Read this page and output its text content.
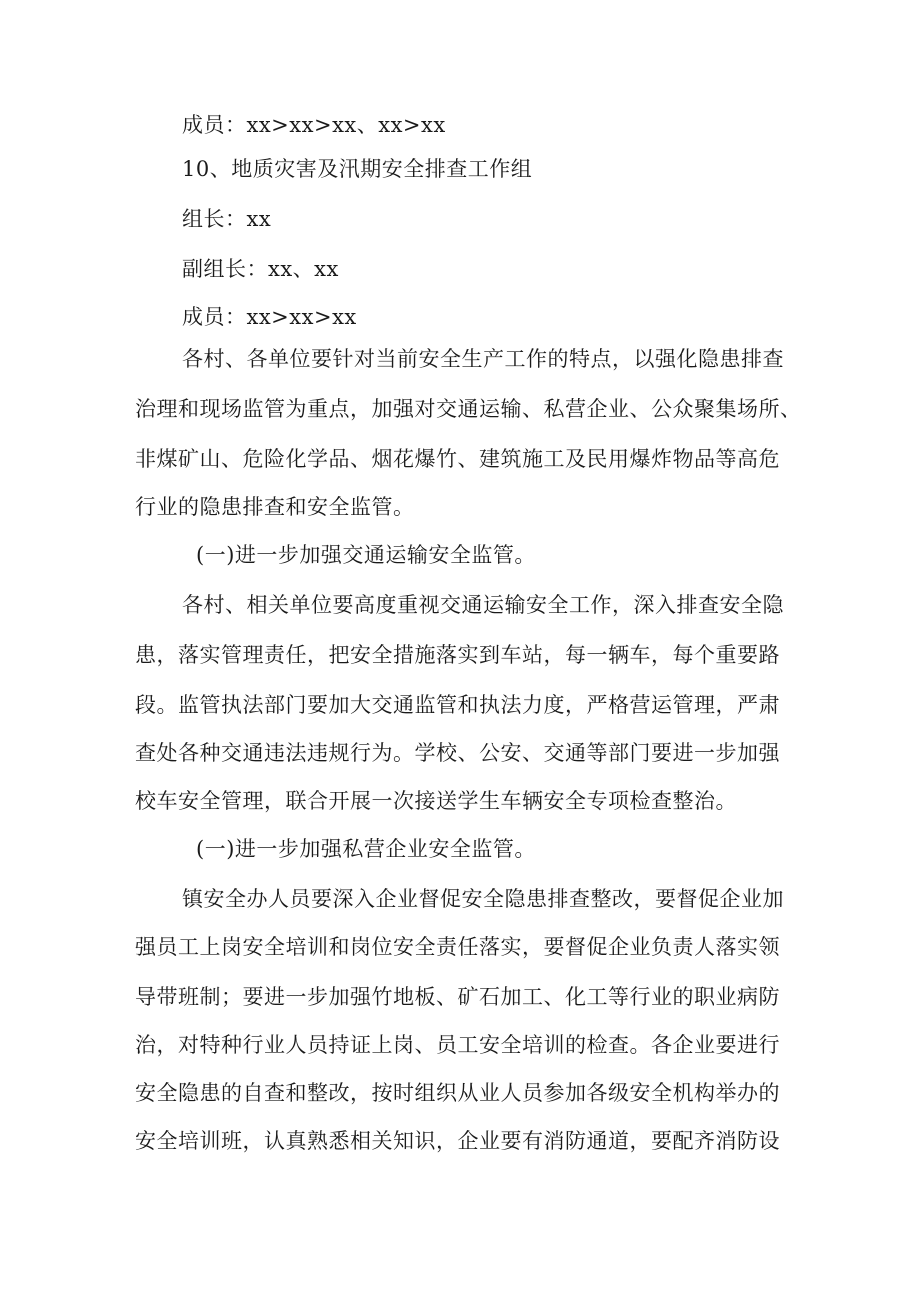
成员：xx>xx>xx、xx>xx
10、地质灾害及汛期安全排查工作组
组长：xx
副组长：xx、xx
成员：xx>xx>xx
各村、各单位要针对当前安全生产工作的特点，以强化隐患排查
治理和现场监管为重点，加强对交通运输、私营企业、公众聚集场所、
非煤矿山、危险化学品、烟花爆竹、建筑施工及民用爆炸物品等高危
行业的隐患排查和安全监管。
(一)进一步加强交通运输安全监管。
各村、相关单位要高度重视交通运输安全工作，深入排查安全隐
患，落实管理责任，把安全措施落实到车站，每一辆车，每个重要路
段。监管执法部门要加大交通监管和执法力度，严格营运管理，严肃
查处各种交通违法违规行为。学校、公安、交通等部门要进一步加强
校车安全管理，联合开展一次接送学生车辆安全专项检查整治。
(一)进一步加强私营企业安全监管。
镇安全办人员要深入企业督促安全隐患排查整改，要督促企业加
强员工上岗安全培训和岗位安全责任落实，要督促企业负责人落实领
导带班制；要进一步加强竹地板、矿石加工、化工等行业的职业病防
治，对特种行业人员持证上岗、员工安全培训的检查。各企业要进行
安全隐患的自查和整改，按时组织从业人员参加各级安全机构举办的
安全培训班，认真熟悉相关知识，企业要有消防通道，要配齐消防设
